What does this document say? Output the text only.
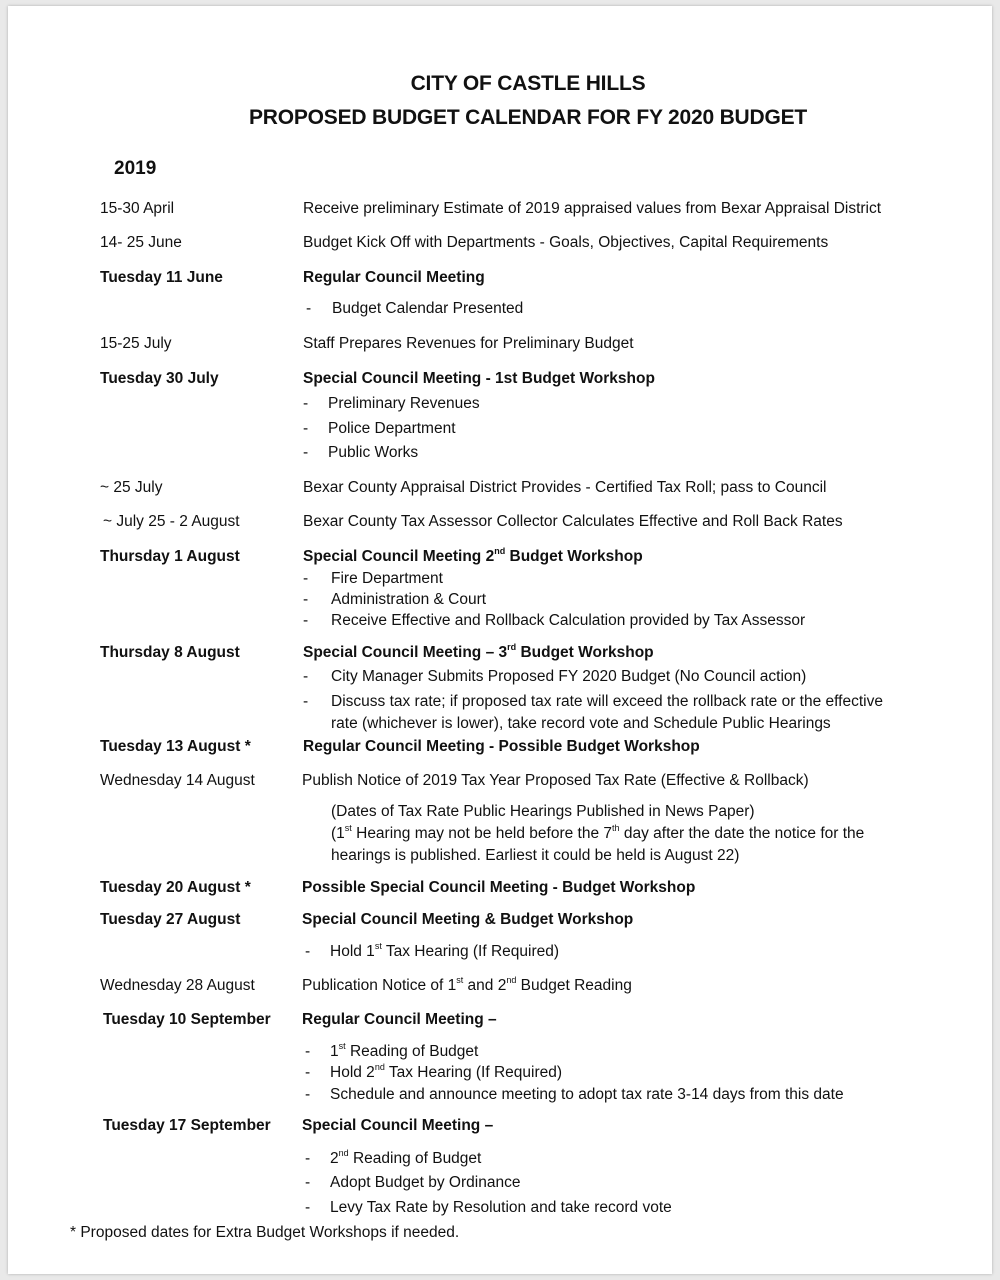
CITY OF CASTLE HILLS
PROPOSED BUDGET CALENDAR FOR FY 2020 BUDGET
2019
15-30 April	Receive preliminary Estimate of 2019 appraised values from Bexar Appraisal District
14- 25 June	Budget Kick Off with Departments - Goals, Objectives, Capital Requirements
Tuesday 11 June	Regular Council Meeting
- Budget Calendar Presented
15-25 July	Staff Prepares Revenues for Preliminary Budget
Tuesday 30 July	Special Council Meeting - 1st Budget Workshop
- Preliminary Revenues
- Police Department
- Public Works
~ 25 July	Bexar County Appraisal District Provides - Certified Tax Roll; pass to Council
~ July 25 - 2 August	Bexar County Tax Assessor Collector Calculates Effective and Roll Back Rates
Thursday 1 August	Special Council Meeting 2nd Budget Workshop
- Fire Department
- Administration & Court
- Receive Effective and Rollback Calculation provided by Tax Assessor
Thursday 8 August	Special Council Meeting – 3rd Budget Workshop
- City Manager Submits Proposed FY 2020 Budget (No Council action)
- Discuss tax rate; if proposed tax rate will exceed the rollback rate or the effective
rate (whichever is lower), take record vote and Schedule Public Hearings
Tuesday 13 August *	Regular Council Meeting - Possible Budget Workshop
Wednesday 14 August	Publish Notice of 2019 Tax Year Proposed Tax Rate (Effective & Rollback)
(Dates of Tax Rate Public Hearings Published in News Paper)
(1st Hearing may not be held before the 7th day after the date the notice for the
hearings is published. Earliest it could be held is August 22)
Tuesday 20 August *	Possible Special Council Meeting - Budget Workshop
Tuesday 27 August	Special Council Meeting & Budget Workshop
- Hold 1st Tax Hearing (If Required)
Wednesday 28 August	Publication Notice of 1st and 2nd Budget Reading
Tuesday 10 September Regular Council Meeting –
- 1st Reading of Budget
- Hold 2nd Tax Hearing (If Required)
- Schedule and announce meeting to adopt tax rate 3-14 days from this date
Tuesday 17 September Special Council Meeting –
- 2nd Reading of Budget
- Adopt Budget by Ordinance
- Levy Tax Rate by Resolution and take record vote
* Proposed dates for Extra Budget Workshops if needed.
